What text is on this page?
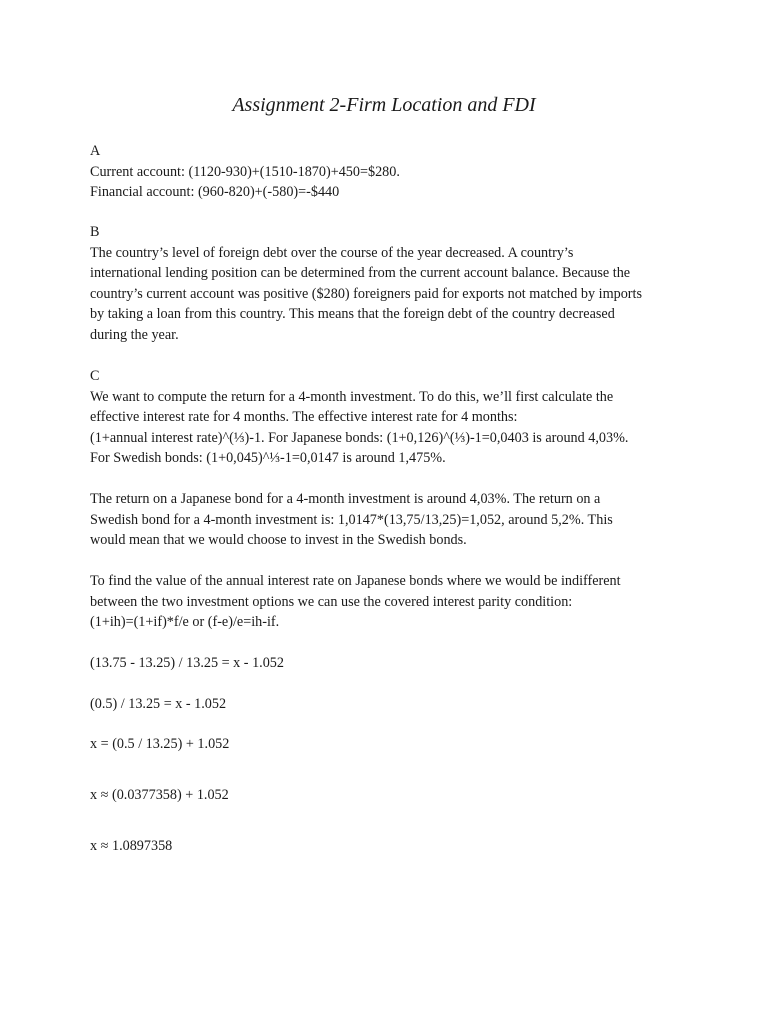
Assignment 2-Firm Location and FDI
A
Current account: (1120-930)+(1510-1870)+450=$280.
Financial account: (960-820)+(-580)=-$440
B
The country’s level of foreign debt over the course of the year decreased. A country’s
international lending position can be determined from the current account balance. Because the
country’s current account was positive ($280) foreigners paid for exports not matched by imports
by taking a loan from this country. This means that the foreign debt of the country decreased
during the year.
C
We want to compute the return for a 4-month investment. To do this, we’ll first calculate the
effective interest rate for 4 months. The effective interest rate for 4 months:
(1+annual interest rate)^(⅓)-1. For Japanese bonds: (1+0,126)^(⅓)-1=0,0403 is around 4,03%.
For Swedish bonds: (1+0,045)^⅓-1=0,0147 is around 1,475%.
The return on a Japanese bond for a 4-month investment is around 4,03%. The return on a
Swedish bond for a 4-month investment is: 1,0147*(13,75/13,25)=1,052, around 5,2%. This
would mean that we would choose to invest in the Swedish bonds.
To find the value of the annual interest rate on Japanese bonds where we would be indifferent
between the two investment options we can use the covered interest parity condition:
(1+ih)=(1+if)*f/e or (f-e)/e=ih-if.
(13.75 - 13.25) / 13.25 = x - 1.052
(0.5) / 13.25 = x - 1.052
x = (0.5 / 13.25) + 1.052
x ≈ (0.0377358) + 1.052
x ≈ 1.0897358
